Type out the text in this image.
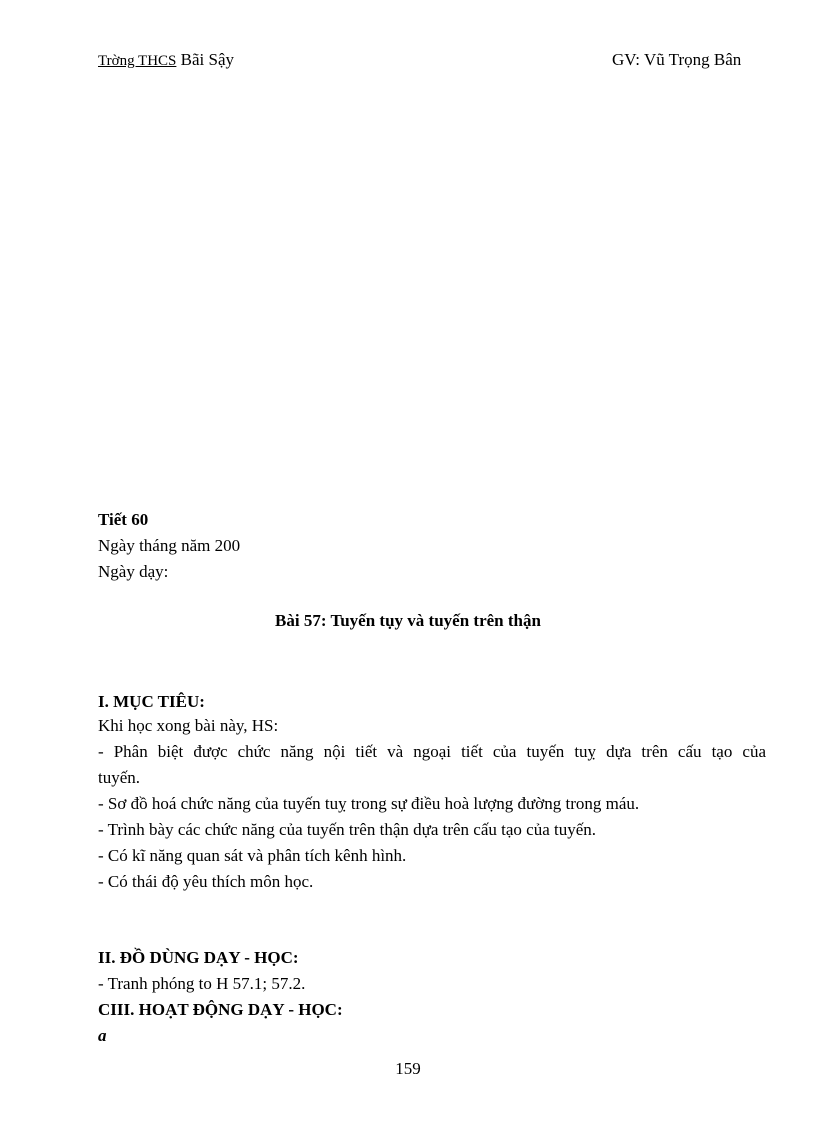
Trờng THCS Bãi Sậy	GV: Vũ Trọng Bân
Tiết 60
Ngày tháng năm 200
Ngày dạy:
Bài 57: Tuyến tụy và tuyến trên thận
I. MỤC TIÊU:
Khi học xong bài này, HS:
- Phân biệt được chức năng nội tiết và ngoại tiết của tuyến tuỵ dựa trên cấu tạo của
tuyến.
- Sơ đồ hoá chức năng của tuyến tuỵ trong sự điều hoà lượng đường trong máu.
- Trình bày các chức năng của tuyến trên thận dựa trên cấu tạo của tuyến.
- Có kĩ năng quan sát và phân tích kênh hình.
- Có thái độ yêu thích môn học.
II. ĐỒ DÙNG DẠY - HỌC:
- Tranh phóng to H 57.1; 57.2.
CIII. HOẠT ĐỘNG DẠY - HỌC:
a
159
